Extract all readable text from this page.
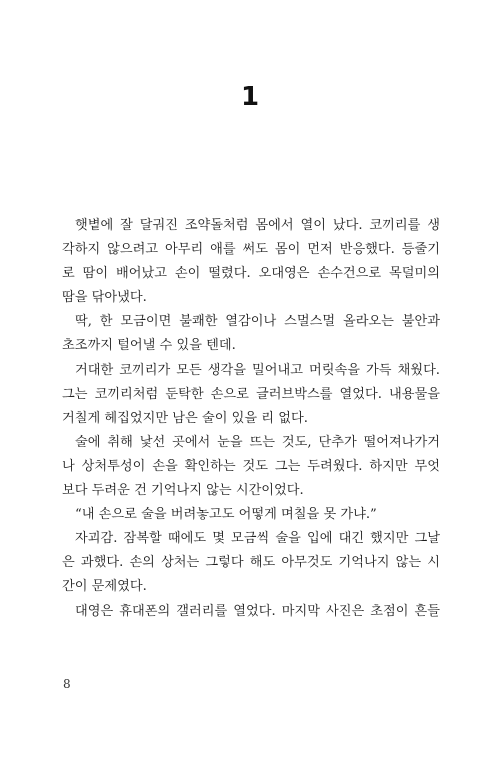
1
햇볕에 잘 달궈진 조약돌처럼 몸에서 열이 났다. 코끼리를 생
각하지 않으려고 아무리 애를 써도 몸이 먼저 반응했다. 등줄기
로 땀이 배어났고 손이 떨렸다. 오대영은 손수건으로 목덜미의
땀을 닦아냈다.
딱, 한 모금이면 불쾌한 열감이나 스멀스멀 올라오는 불안과
초조까지 털어낼 수 있을 텐데.
거대한 코끼리가 모든 생각을 밀어내고 머릿속을 가득 채웠다.
그는 코끼리처럼 둔탁한 손으로 글러브박스를 열었다. 내용물을
거칠게 헤집었지만 남은 술이 있을 리 없다.
술에 취해 낯선 곳에서 눈을 뜨는 것도, 단추가 떨어져나가거
나 상처투성이 손을 확인하는 것도 그는 두려웠다. 하지만 무엇
보다 두려운 건 기억나지 않는 시간이었다.
“내 손으로 술을 버려놓고도 어떻게 며칠을 못 가냐.”
자괴감. 잠복할 때에도 몇 모금씩 술을 입에 대긴 했지만 그날
은 과했다. 손의 상처는 그렇다 해도 아무것도 기억나지 않는 시
간이 문제였다.
대영은 휴대폰의 갤러리를 열었다. 마지막 사진은 초점이 흔들
8
